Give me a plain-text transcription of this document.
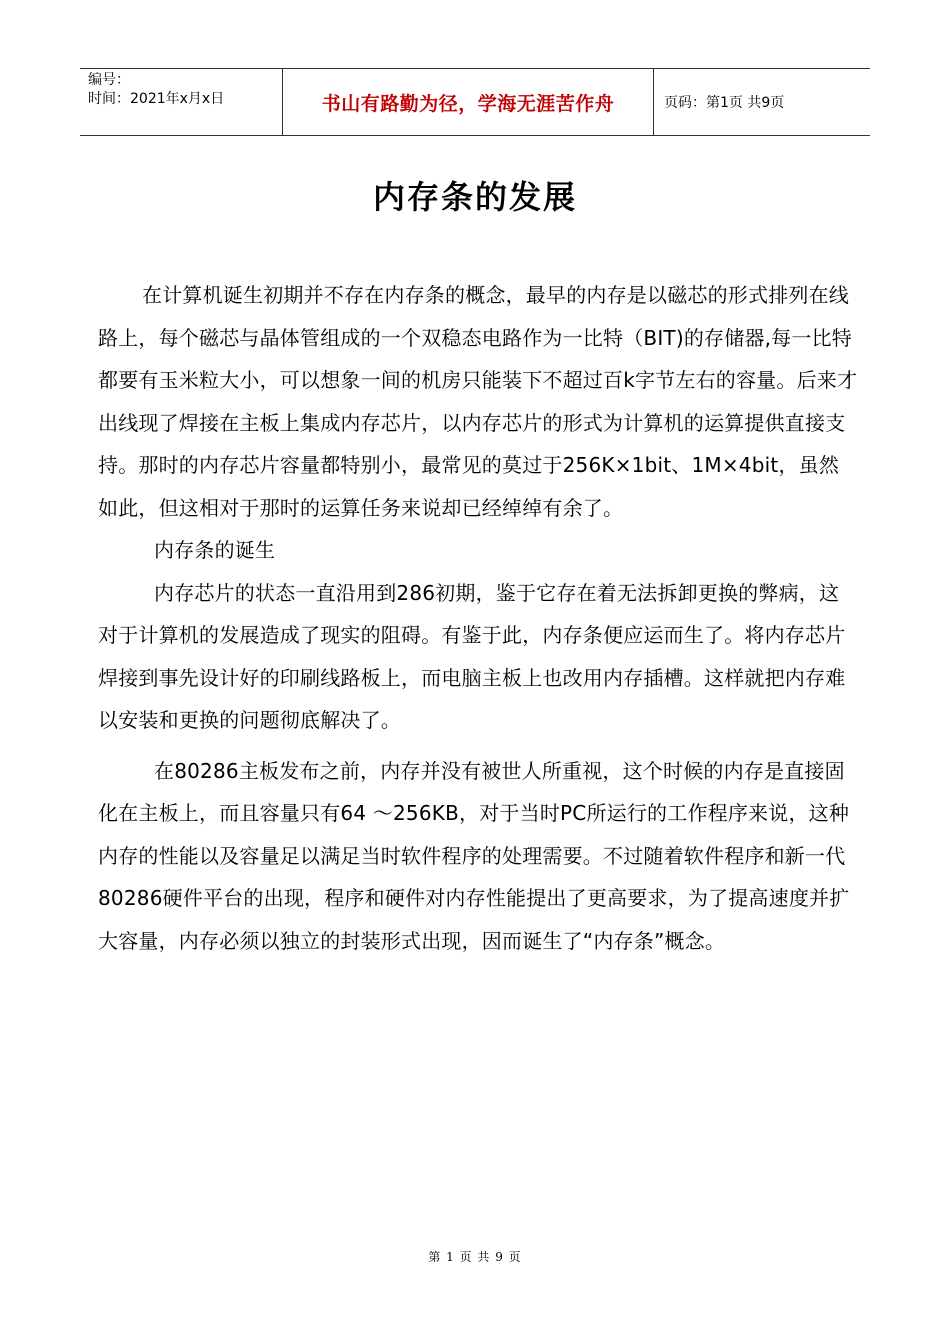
编号：
时间：2021年x月x日	书山有路勤为径，学海无涯苦作舟	页码：第1页 共9页
内存条的发展

在计算机诞生初期并不存在内存条的概念，最早的内存是以磁芯的形式排列在线路上，每个磁芯与晶体管组成的一个双稳态电路作为一比特（BIT)的存储器,每一比特都要有玉米粒大小，可以想象一间的机房只能装下不超过百k字节左右的容量。后来才出线现了焊接在主板上集成内存芯片，以内存芯片的形式为计算机的运算提供直接支持。那时的内存芯片容量都特别小，最常见的莫过于256K×1bit、1M×4bit，虽然如此，但这相对于那时的运算任务来说却已经绰绰有余了。

内存条的诞生

内存芯片的状态一直沿用到286初期，鉴于它存在着无法拆卸更换的弊病，这对于计算机的发展造成了现实的阻碍。有鉴于此，内存条便应运而生了。将内存芯片焊接到事先设计好的印刷线路板上，而电脑主板上也改用内存插槽。这样就把内存难以安装和更换的问题彻底解决了。

在80286主板发布之前，内存并没有被世人所重视，这个时候的内存是直接固化在主板上，而且容量只有64 ～256KB，对于当时PC所运行的工作程序来说，这种内存的性能以及容量足以满足当时软件程序的处理需要。不过随着软件程序和新一代80286硬件平台的出现，程序和硬件对内存性能提出了更高要求，为了提高速度并扩大容量，内存必须以独立的封装形式出现，因而诞生了“内存条”概念。

第 1 页 共 9 页
